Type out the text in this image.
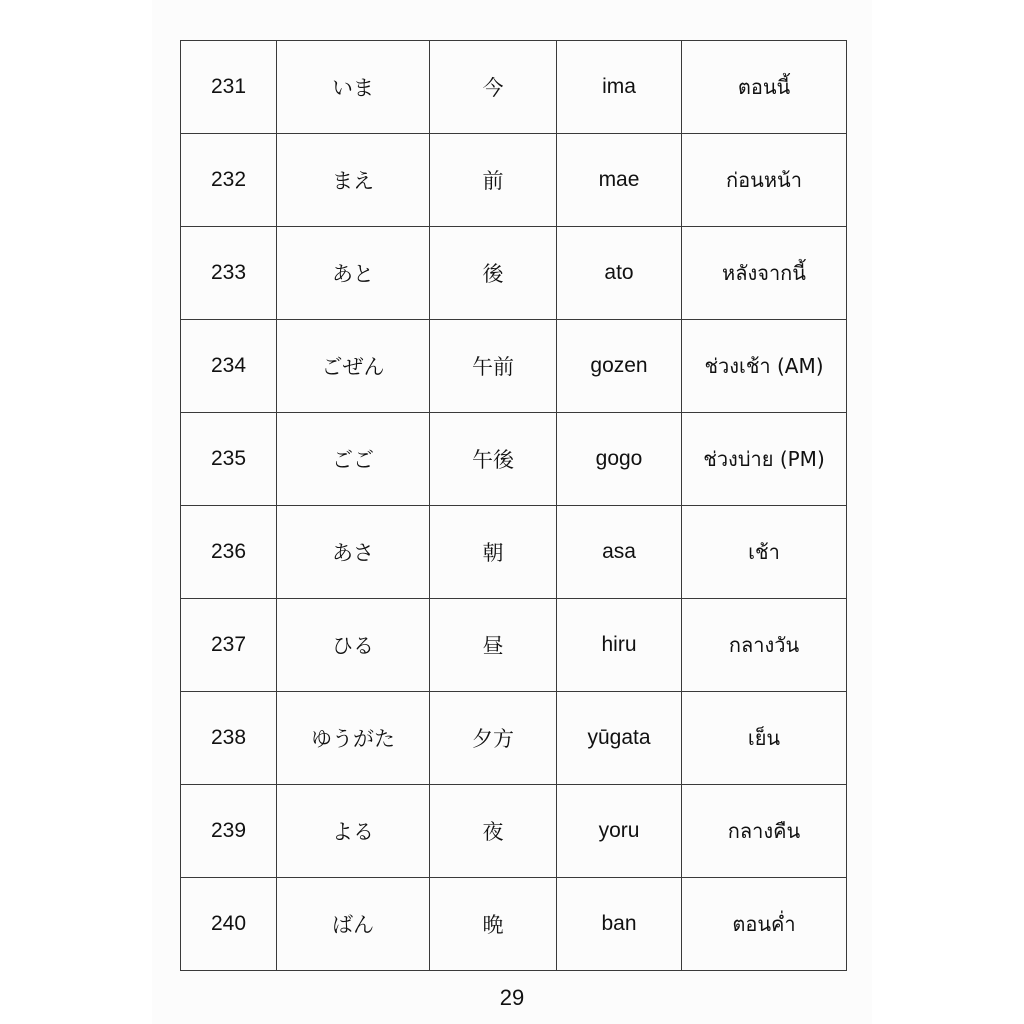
231	いま	今	ima	ตอนนี้
232	まえ	前	mae	ก่อนหน้า
233	あと	後	ato	หลังจากนี้
234	ごぜん	午前	gozen	ช่วงเช้า (AM)
235	ごご	午後	gogo	ช่วงบ่าย (PM)
236	あさ	朝	asa	เช้า
237	ひる	昼	hiru	กลางวัน
238	ゆうがた	夕方	yūgata	เย็น
239	よる	夜	yoru	กลางคืน
240	ばん	晩	ban	ตอนค่ำ
29
